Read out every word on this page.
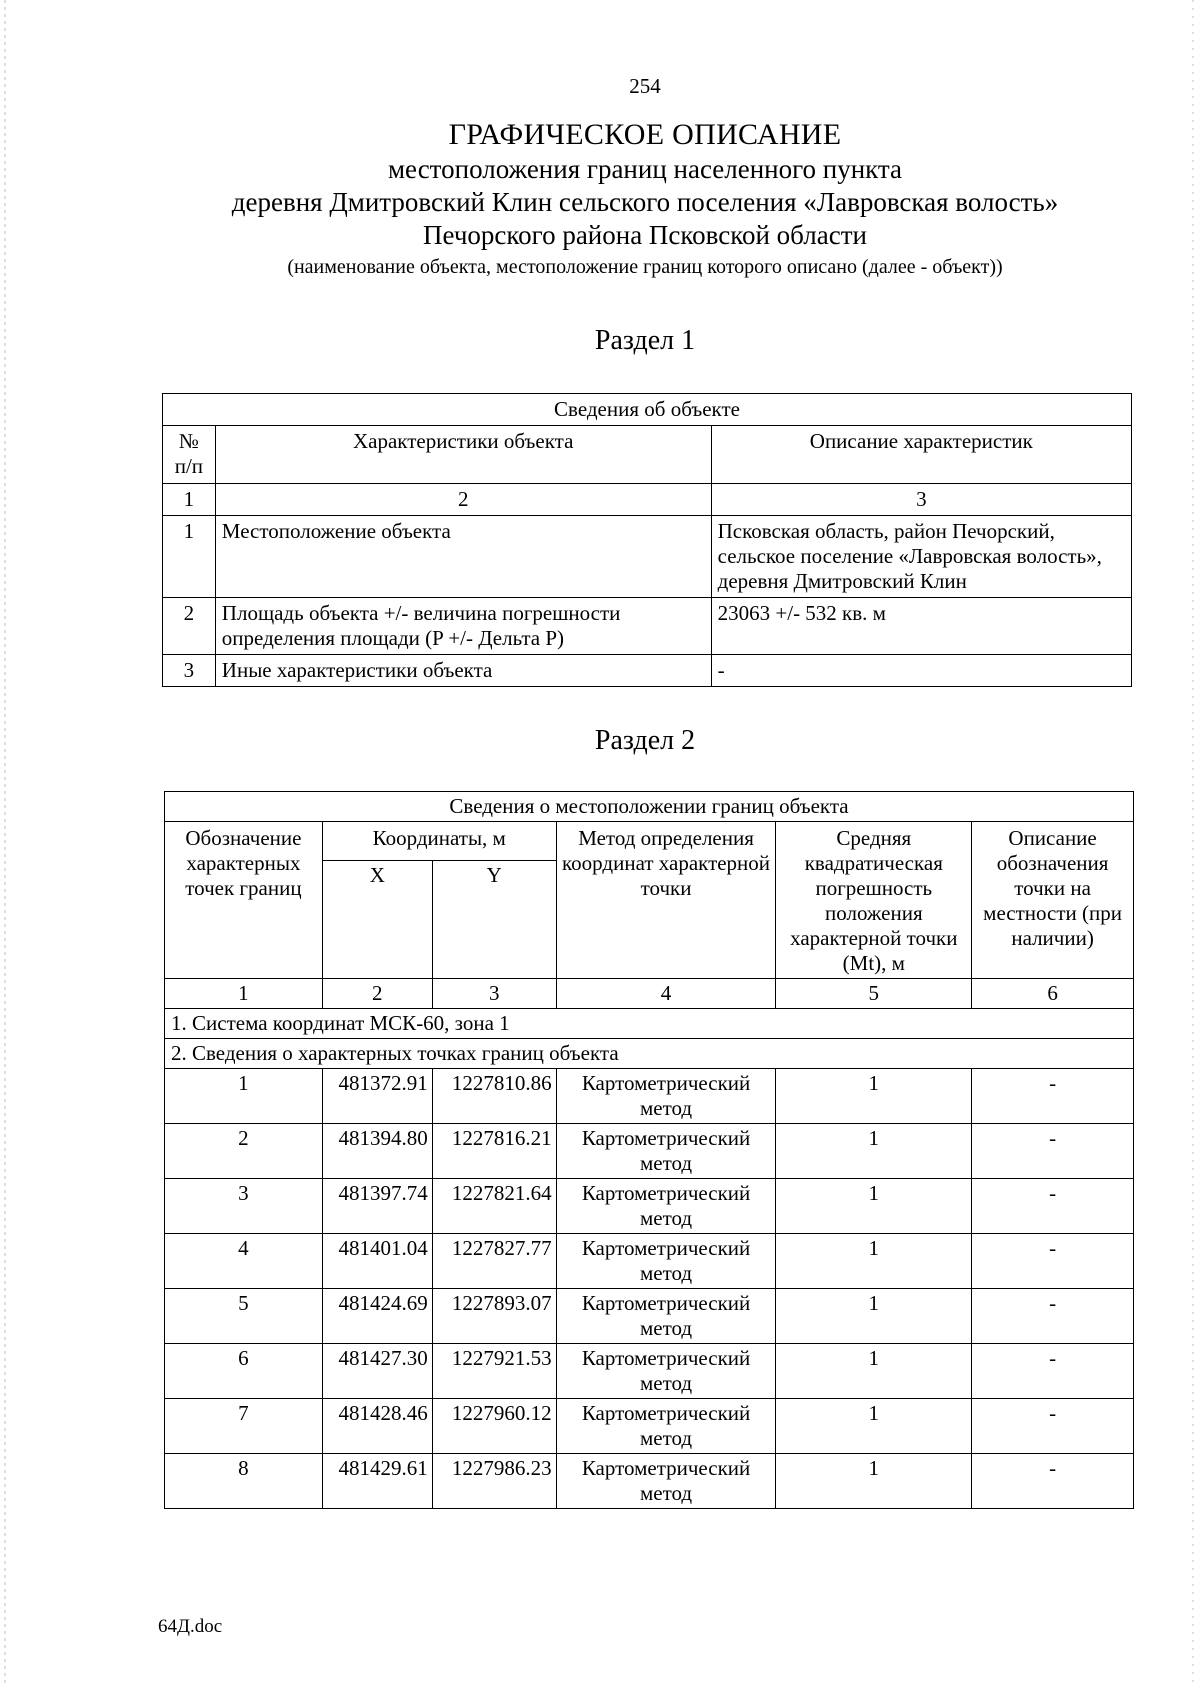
254
ГРАФИЧЕСКОЕ ОПИСАНИЕ
местоположения границ населенного пункта
деревня Дмитровский Клин сельского поселения «Лавровская волость»
Печорского района Псковской области
(наименование объекта, местоположение границ которого описано (далее - объект))
Раздел 1
Сведения об объекте		
№ п/п	Характеристики объекта	Описание характеристик
1	2	3
1	Местоположение объекта	Псковская область, район Печорский, сельское поселение «Лавровская волость», деревня Дмитровский Клин
2	Площадь объекта +/- величина погрешности определения площади (P +/- Дельта P)	23063 +/- 532 кв. м
3	Иные характеристики объекта	-
Раздел 2
Сведения о местоположении границ объекта					
Обозначение характерных точек границ	Координаты, м		Метод определения координат характерной точки	Средняя квадратическая погрешность положения характерной точки (Mt), м	Описание обозначения точки на местности (при наличии)
	X	Y			
1	2	3	4	5	6
1. Система координат МСК-60, зона 1					
2. Сведения о характерных точках границ объекта					
1	481372.91	1227810.86	Картометрический метод	1	-
2	481394.80	1227816.21	Картометрический метод	1	-
3	481397.74	1227821.64	Картометрический метод	1	-
4	481401.04	1227827.77	Картометрический метод	1	-
5	481424.69	1227893.07	Картометрический метод	1	-
6	481427.30	1227921.53	Картометрический метод	1	-
7	481428.46	1227960.12	Картометрический метод	1	-
8	481429.61	1227986.23	Картометрический метод	1	-
64Д.doc
